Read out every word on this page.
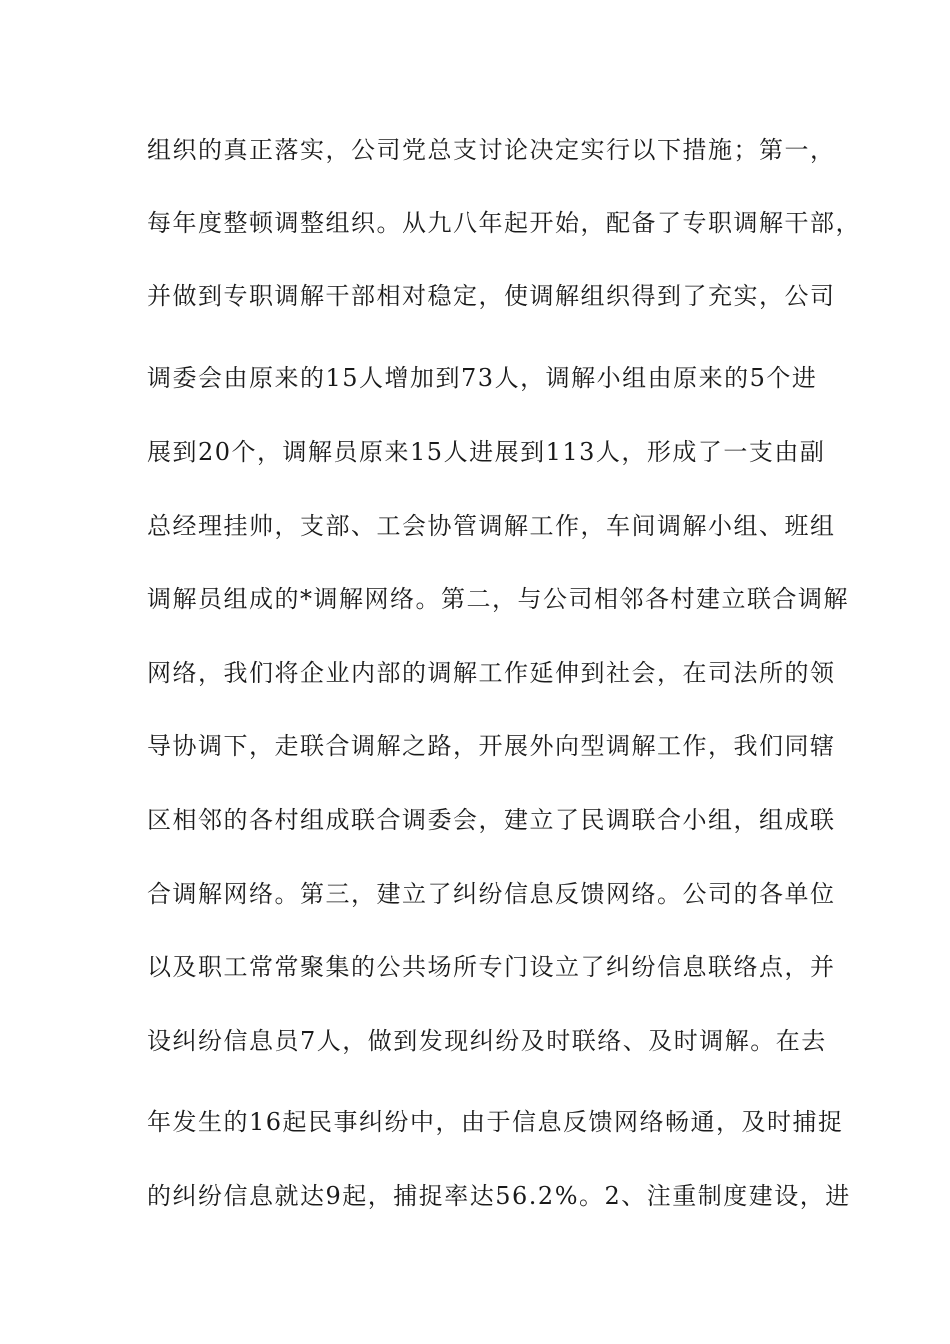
组织的真正落实，公司党总支讨论决定实行以下措施；第一，
每年度整顿调整组织。从九八年起开始，配备了专职调解干部，
并做到专职调解干部相对稳定，使调解组织得到了充实，公司
调委会由原来的15人增加到73人，调解小组由原来的5个进
展到20个，调解员原来15人进展到113人，形成了一支由副
总经理挂帅，支部、工会协管调解工作，车间调解小组、班组
调解员组成的*调解网络。第二，与公司相邻各村建立联合调解
网络，我们将企业内部的调解工作延伸到社会，在司法所的领
导协调下，走联合调解之路，开展外向型调解工作，我们同辖
区相邻的各村组成联合调委会，建立了民调联合小组，组成联
合调解网络。第三，建立了纠纷信息反馈网络。公司的各单位
以及职工常常聚集的公共场所专门设立了纠纷信息联络点，并
设纠纷信息员7人，做到发现纠纷及时联络、及时调解。在去
年发生的16起民事纠纷中，由于信息反馈网络畅通，及时捕捉
的纠纷信息就达9起，捕捉率达56.2%。2、注重制度建设，进
